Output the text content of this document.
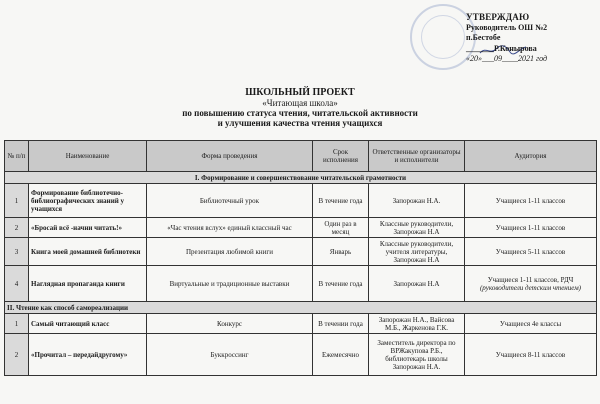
УТВЕРЖДАЮ
Руководитель ОШ №2
п.Бестобе
_______Р.Конырова
«20»___09____2021 год
ШКОЛЬНЫЙ ПРОЕКТ
«Читающая школа»
по повышению статуса чтения, читательской активности
и улучшения качества чтения учащихся
№ п/п	Наименование	Форма проведения	Срок исполнения	Ответственные организаторы и исполнители	Аудитория
I. Формирование и совершенствование читательской грамотности					
1	Формирование библиотечно-библиографических знаний у учащихся	Библиотечный урок	В течение года	Запорожан Н.А.	Учащиеся 1-11 классов
2	«Бросай всё -начни читать!»	«Час чтения вслух» единый классный час	Один раз в месяц	Классные руководители, Запорожан Н.А	Учащиеся 1-11 классов
3	Книга моей домашней библиотеки	Презентация любимой книги	Январь	Классные руководители, учителя литературы, Запорожан Н.А	Учащиеся 5-11 классов
4	Наглядная пропаганда книги	Виртуальные и традиционные выставки	В течение года	Запорожан Н.А	Учащиеся 1-11 классов, РДЧ
(руководители детским чтением)
II. Чтение как способ самореализации					
1	Самый читающий класс	Конкурс	В течении года	Запорожан Н.А., Вайсова М.Б., Жаркенова Г.К.	Учащиеся 4е классы
2	«Прочитал – передайдругому»	Буккроссинг	Ежемесячно	Заместитель директора по ВРЖакупова Р.Б., библиотекарь школы Запорожан Н.А.	Учащиеся 8-11 классов
